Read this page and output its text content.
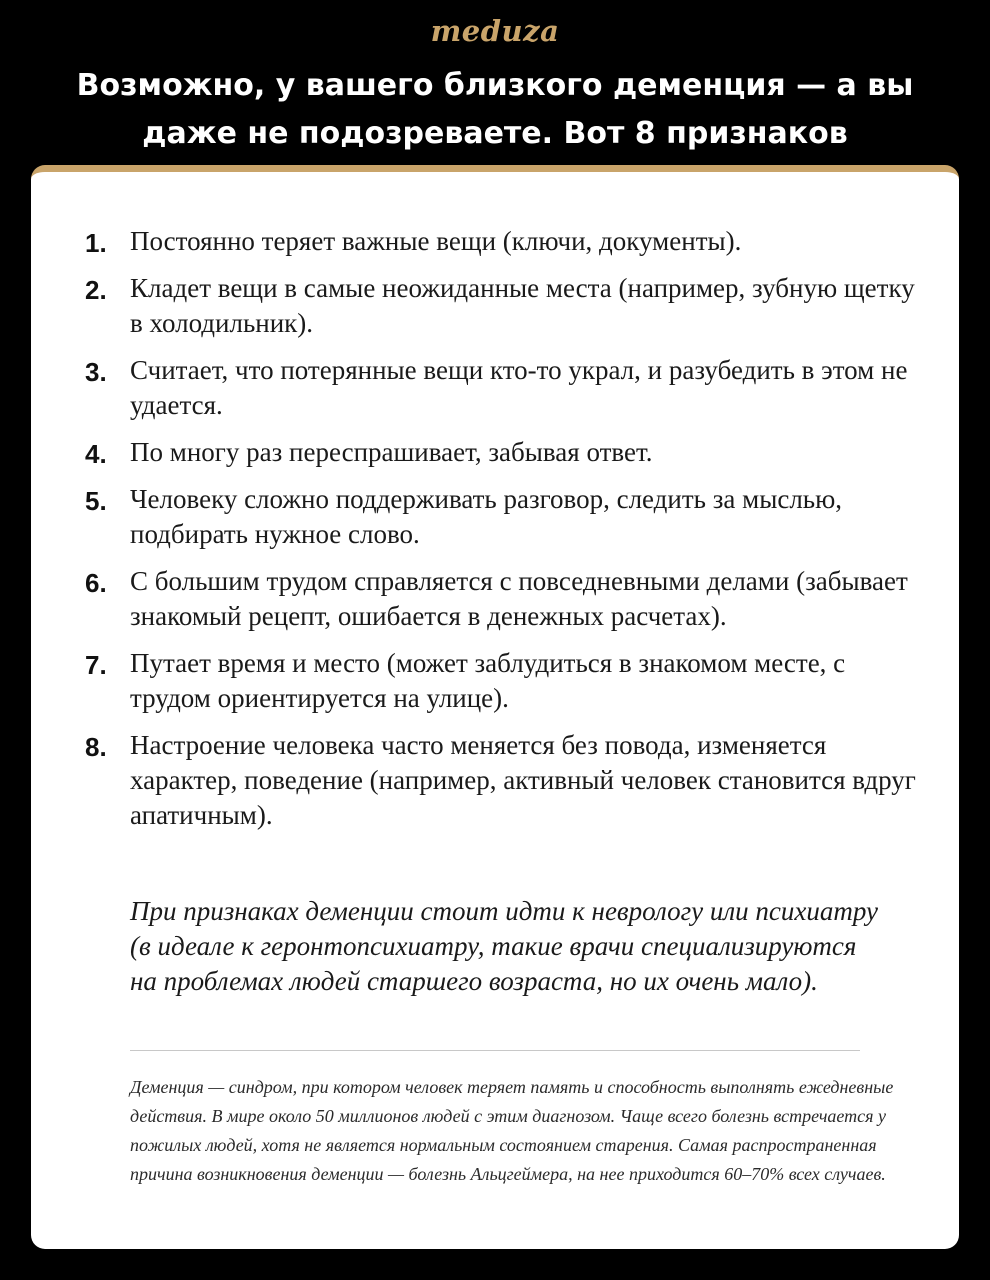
meduza
Возможно, у вашего близкого деменция — а вы даже не подозреваете. Вот 8 признаков
1. Постоянно теряет важные вещи (ключи, документы).
2. Кладет вещи в самые неожиданные места (например, зубную щетку в холодильник).
3. Считает, что потерянные вещи кто-то украл, и разубедить в этом не удается.
4. По многу раз переспрашивает, забывая ответ.
5. Человеку сложно поддерживать разговор, следить за мыслью, подбирать нужное слово.
6. С большим трудом справляется с повседневными делами (забывает знакомый рецепт, ошибается в денежных расчетах).
7. Путает время и место (может заблудиться в знакомом месте, с трудом ориентируется на улице).
8. Настроение человека часто меняется без повода, изменяется характер, поведение (например, активный человек становится вдруг апатичным).
При признаках деменции стоит идти к неврологу или психиатру (в идеале к геронтопсихиатру, такие врачи специализируются на проблемах людей старшего возраста, но их очень мало).
Деменция — синдром, при котором человек теряет память и способность выполнять ежедневные действия. В мире около 50 миллионов людей с этим диагнозом. Чаще всего болезнь встречается у пожилых людей, хотя не является нормальным состоянием старения. Самая распространенная причина возникновения деменции — болезнь Альцгеймера, на нее приходится 60–70% всех случаев.
